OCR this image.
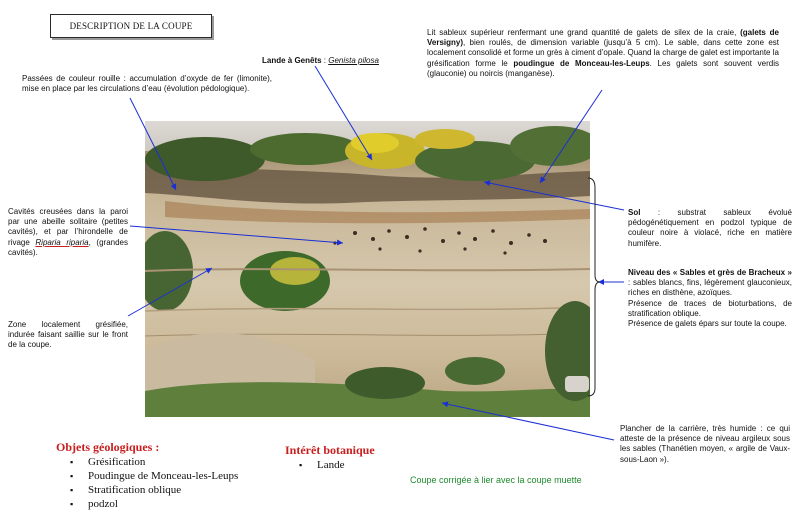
DESCRIPTION DE LA COUPE
Lande à Genêts : Genista pilosa
Passées de couleur rouille : accumulation d’oxyde de fer (limonite), mise en place par les circulations d’eau (évolution pédologique).
Lit sableux supérieur renfermant une grand quantité de galets de silex de la craie, (galets de Versigny), bien roulés, de dimension variable (jusqu’à 5 cm). Le sable, dans cette zone est localement consolidé et forme un grès à ciment d’opale. Quand la charge de galet est importante la grésification forme le poudingue de Monceau-les-Leups. Les galets sont souvent verdis (glauconie) ou noircis (manganèse).
Cavités creusées dans la paroi par une abeille solitaire (petites cavités), et par l’hirondelle de rivage Riparia riparia, (grandes cavités).
Zone localement grésifiée, indurée faisant saillie sur le front de la coupe.
Sol : substrat sableux évolué pédogénétiquement en podzol typique de couleur noire à violacé, riche en matière humifère.
Niveau des « Sables et grès de Bracheux » : sables blancs, fins, légèrement glauconieux, riches en disthène, azoïques.
Présence de traces de bioturbations, de stratification oblique.
Présence de galets épars sur toute la coupe.
Plancher de la carrière, très humide : ce qui atteste de la présence de niveau argileux sous les sables (Thanétien moyen, « argile de Vaux-sous-Laon »).
Objets géologiques :
▪ Grésification
▪ Poudingue de Monceau-les-Leups
▪ Stratification oblique
▪ podzol
Intérêt botanique
▪ Lande
Coupe corrigée à lier avec la coupe muette
